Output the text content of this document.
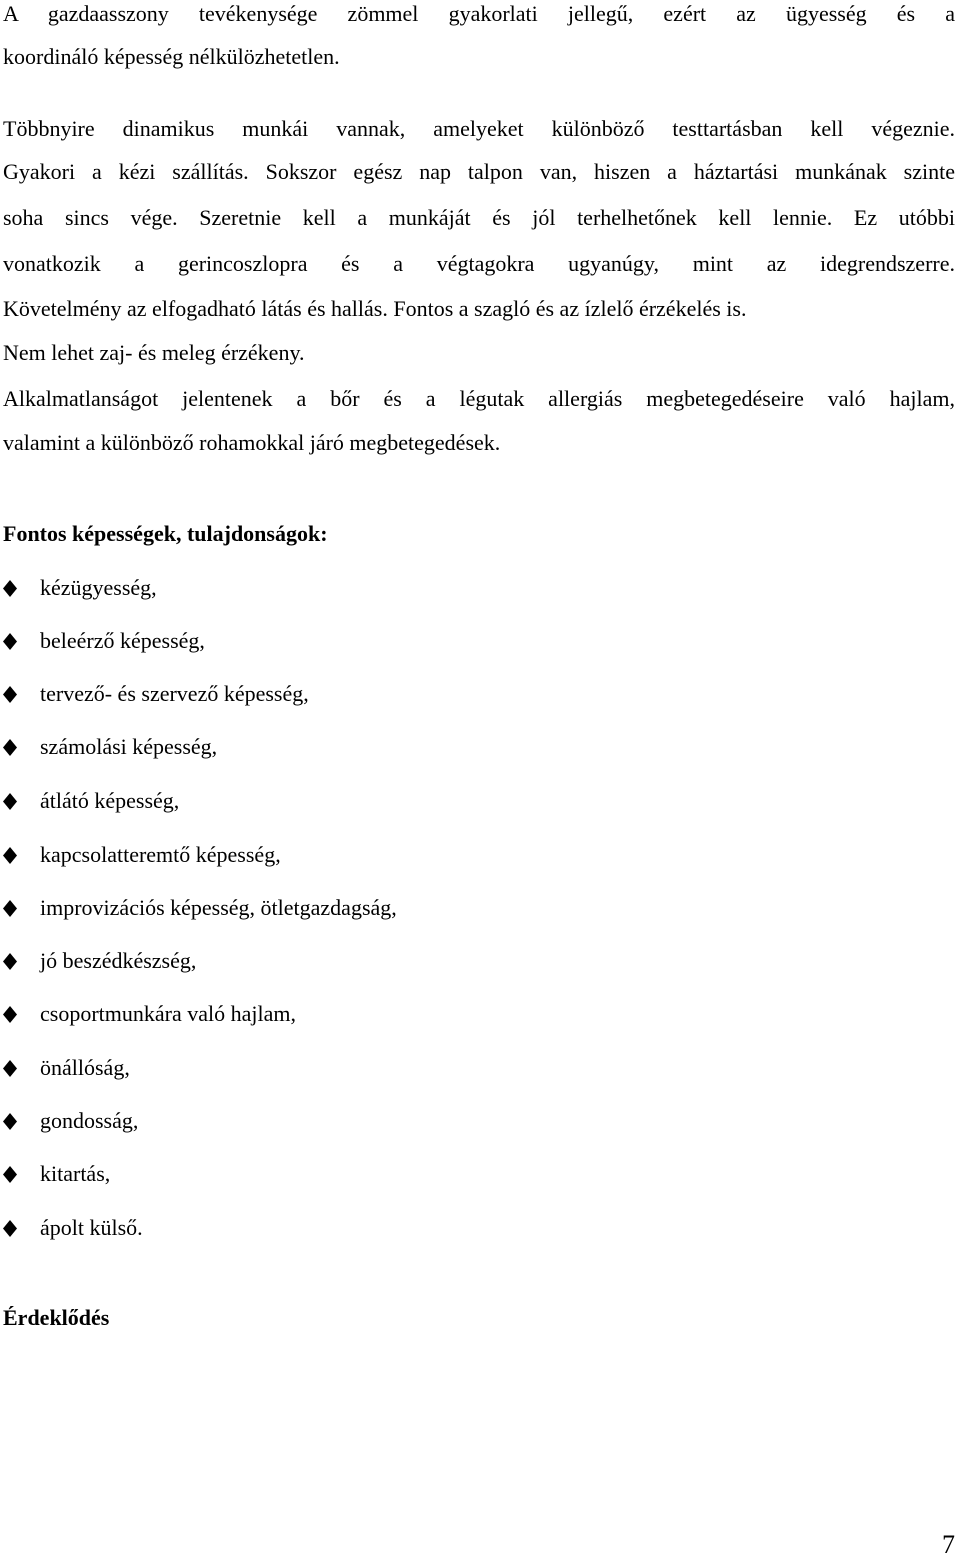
A gazdaasszony tevékenysége zömmel gyakorlati jellegű, ezért az ügyesség és a
koordináló képesség nélkülözhetetlen.
Többnyire dinamikus munkái vannak, amelyeket különböző testtartásban kell végeznie.
Gyakori a kézi szállítás. Sokszor egész nap talpon van, hiszen a háztartási munkának szinte
soha sincs vége. Szeretnie kell a munkáját és jól terhelhetőnek kell lennie. Ez utóbbi
vonatkozik a gerincoszlopra és a végtagokra ugyanúgy, mint az idegrendszerre.
Követelmény az elfogadható látás és hallás. Fontos a szagló és az ízlelő érzékelés is.
Nem lehet zaj- és meleg érzékeny.
Alkalmatlanságot jelentenek a bőr és a légutak allergiás megbetegedéseire való hajlam,
valamint a különböző rohamokkal járó megbetegedések.
Fontos képességek, tulajdonságok:
kézügyesség,
beleérző képesség,
tervező- és szervező képesség,
számolási képesség,
átlátó képesség,
kapcsolatteremtő képesség,
improvizációs képesség, ötletgazdagság,
jó beszédkészség,
csoportmunkára való hajlam,
önállóság,
gondosság,
kitartás,
ápolt külső.
Érdeklődés
7
